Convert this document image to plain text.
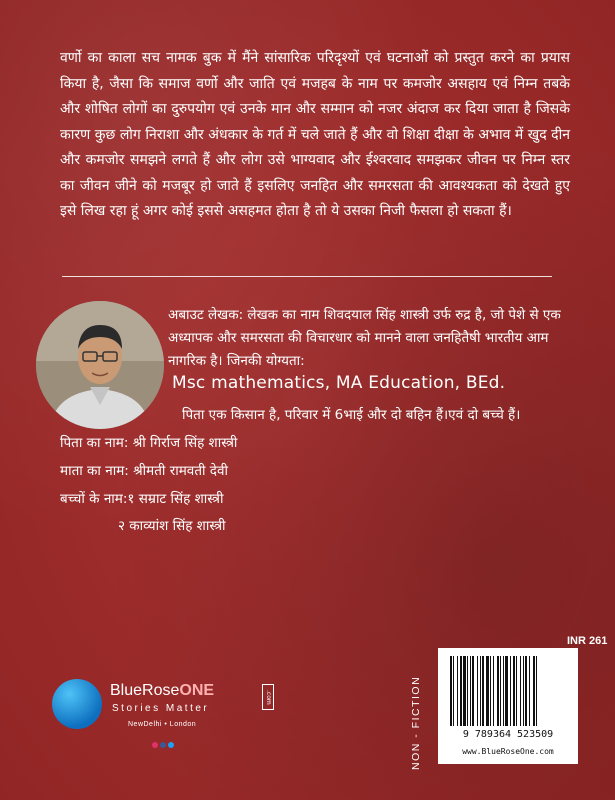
वर्णो का काला सच नामक बुक में मैंने सांसारिक परिदृश्यों एवं घटनाओं को प्रस्तुत करने का प्रयास किया है, जैसा कि समाज वर्णो और जाति एवं मजहब के नाम पर कमजोर असहाय एवं निम्न तबके और शोषित लोगों का दुरुपयोग एवं उनके मान और सम्मान को नजर अंदाज कर दिया जाता है जिसके कारण कुछ लोग निराशा और अंधकार के गर्त में चले जाते हैं और वो शिक्षा दीक्षा के अभाव में खुद दीन और कमजोर समझने लगते हैं और लोग उसे भाग्यवाद और ईश्वरवाद समझकर जीवन पर निम्न स्तर का जीवन जीने को मजबूर हो जाते हैं इसलिए जनहित और समरसता की आवश्यकता को देखते हुए इसे लिख रहा हूं अगर कोई इससे असहमत होता है तो ये उसका निजी फैसला हो सकता हैं।
अबाउट लेखक: लेखक का नाम शिवदयाल सिंह शास्त्री उर्फ रुद्र है, जो पेशे से एक अध्यापक और समरसता की विचारधार को मानने वाला जनहितैषी भारतीय आम नागरिक है। जिनकी योग्यता:
Msc mathematics, MA Education, BEd.
पिता एक किसान है, परिवार में 6भाई और दो बहिन हैं।एवं दो बच्चे हैं।
पिता का नाम: श्री गिर्राज सिंह शास्त्री
माता का नाम: श्रीमती रामवती देवी
बच्चों के नाम:१ सम्राट सिंह शास्त्री
२ काव्यांश सिंह शास्त्री
INR 261
NON - FICTION	9 789364 523509
www.BlueRoseOne.com
BlueRoseONE	.com
Stories Matter
NewDelhi • London
